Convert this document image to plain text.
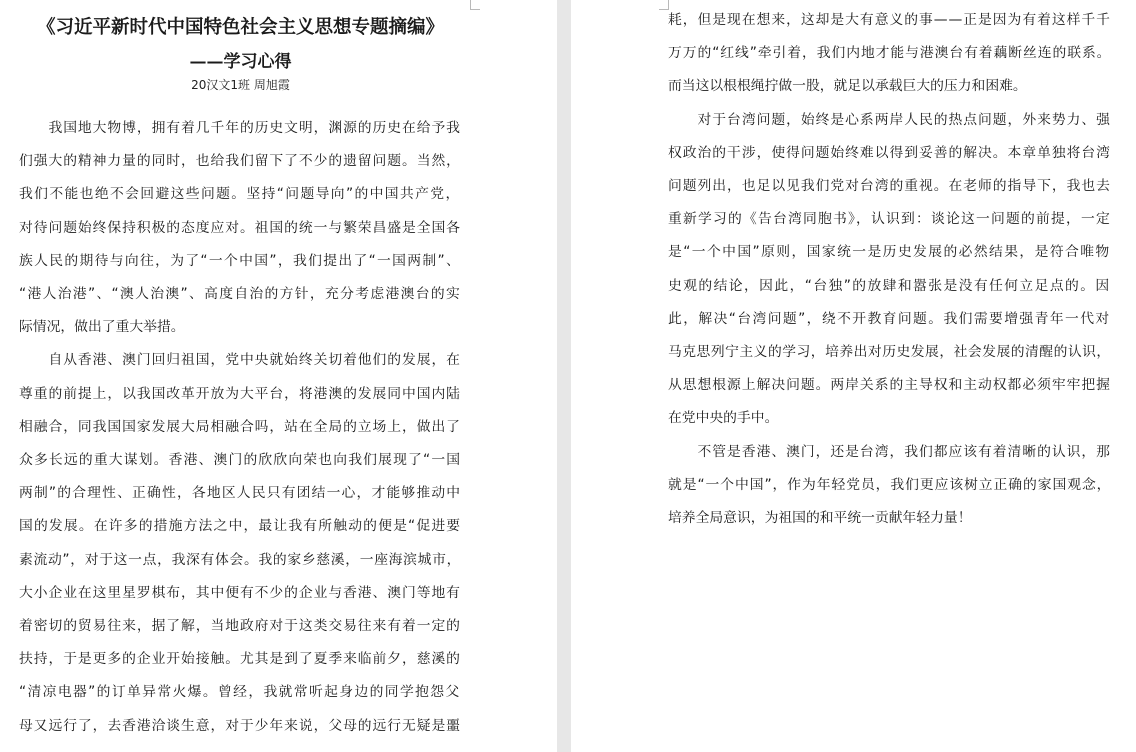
《习近平新时代中国特色社会主义思想专题摘编》
——学习心得

20汉文1班 周旭霞

　　我国地大物博，拥有着几千年的历史文明，渊源的历史在给予我

们强大的精神力量的同时，也给我们留下了不少的遗留问题。当然，

我们不能也绝不会回避这些问题。坚持“问题导向”的中国共产党，

对待问题始终保持积极的态度应对。祖国的统一与繁荣昌盛是全国各

族人民的期待与向往，为了“一个中国”，我们提出了“一国两制”、

“港人治港”、“澳人治澳”、高度自治的方针，充分考虑港澳台的实

际情况，做出了重大举措。

　　自从香港、澳门回归祖国，党中央就始终关切着他们的发展，在

尊重的前提上，以我国改革开放为大平台，将港澳的发展同中国内陆

相融合，同我国国家发展大局相融合吗，站在全局的立场上，做出了

众多长远的重大谋划。香港、澳门的欣欣向荣也向我们展现了“一国

两制”的合理性、正确性，各地区人民只有团结一心，才能够推动中

国的发展。在许多的措施方法之中，最让我有所触动的便是“促进要

素流动”，对于这一点，我深有体会。我的家乡慈溪，一座海滨城市，

大小企业在这里星罗棋布，其中便有不少的企业与香港、澳门等地有

着密切的贸易往来，据了解，当地政府对于这类交易往来有着一定的

扶持，于是更多的企业开始接触。尤其是到了夏季来临前夕，慈溪的

“清凉电器”的订单异常火爆。曾经，我就常听起身边的同学抱怨父

母又远行了，去香港洽谈生意，对于少年来说，父母的远行无疑是噩

耗，但是现在想来，这却是大有意义的事——正是因为有着这样千千

万万的“红线”牵引着，我们内地才能与港澳台有着藕断丝连的联系。

而当这以根根绳拧做一股，就足以承载巨大的压力和困难。

　　对于台湾问题，始终是心系两岸人民的热点问题，外来势力、强

权政治的干涉，使得问题始终难以得到妥善的解决。本章单独将台湾

问题列出，也足以见我们党对台湾的重视。在老师的指导下，我也去

重新学习的《告台湾同胞书》，认识到：谈论这一问题的前提，一定

是“一个中国”原则，国家统一是历史发展的必然结果，是符合唯物

史观的结论，因此，“台独”的放肆和嚣张是没有任何立足点的。因

此，解决“台湾问题”，绕不开教育问题。我们需要增强青年一代对

马克思列宁主义的学习，培养出对历史发展，社会发展的清醒的认识，

从思想根源上解决问题。两岸关系的主导权和主动权都必须牢牢把握

在党中央的手中。

　　不管是香港、澳门，还是台湾，我们都应该有着清晰的认识，那

就是“一个中国”，作为年轻党员，我们更应该树立正确的家国观念，

培养全局意识，为祖国的和平统一贡献年轻力量！
